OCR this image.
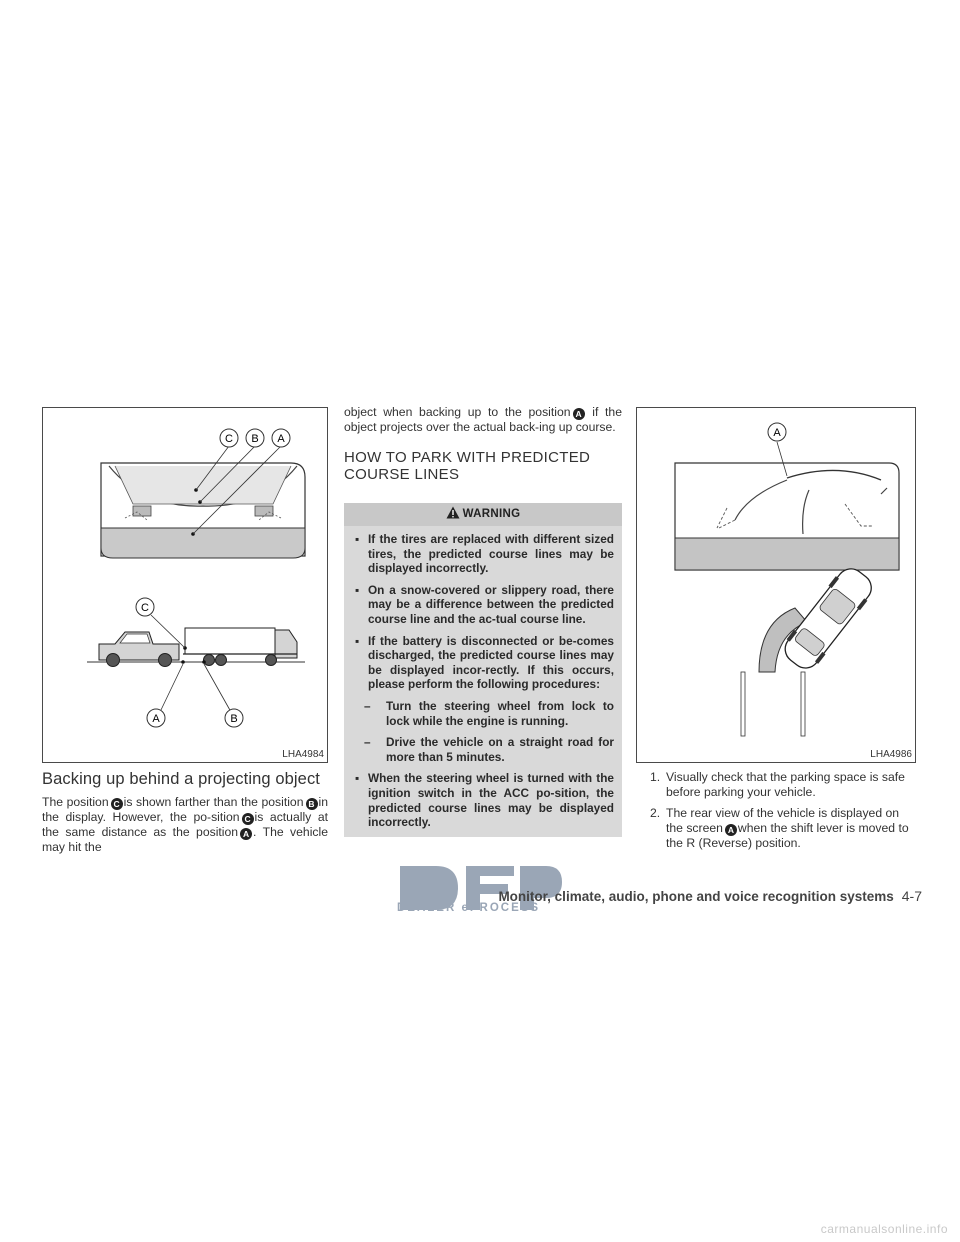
C B A
C
A	B
LHA4984
Backing up behind a projecting object

The position C is shown farther than the position B in the display. However, the po-sition C is actually at the same distance as the position A . The vehicle may hit the

object when backing up to the position A if the object projects over the actual back-ing up course.

HOW TO PARK WITH PREDICTED COURSE LINES
WARNING
▪ If the tires are replaced with different sized tires, the predicted course lines may be displayed incorrectly.
▪ On a snow-covered or slippery road, there may be a difference between the predicted course line and the ac-tual course line.
▪ If the battery is disconnected or be-comes discharged, the predicted course lines may be displayed incor-rectly. If this occurs, please perform the following procedures:
– Turn the steering wheel from lock to lock while the engine is running.
– Drive the vehicle on a straight road for more than 5 minutes.
▪ When the steering wheel is turned with the ignition switch in the ACC po-sition, the predicted course lines may be displayed incorrectly.
A
LHA4986
1. Visually check that the parking space is safe before parking your vehicle.
2. The rear view of the vehicle is displayed on the screen A when the shift lever is moved to the R (Reverse) position.
DEALER ePROCESS
Monitor, climate, audio, phone and voice recognition systems 4-7
carmanualsonline.info
